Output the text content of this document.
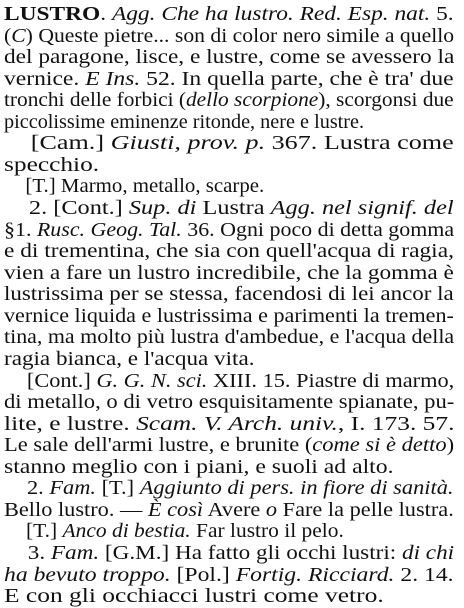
LUSTRO. Agg. Che ha lustro. Red. Esp. nat. 5.
(C) Queste pietre... son di color nero simile a quello
del paragone, lisce, e lustre, come se avessero la
vernice. E Ins. 52. In quella parte, che è tra' due
tronchi delle forbici (dello scorpione), scorgonsi due
piccolissime eminenze ritonde, nere e lustre.
[Cam.] Giusti, prov. p. 367. Lustra come
specchio.
[T.] Marmo, metallo, scarpe.
2. [Cont.] Sup. di Lustra Agg. nel signif. del
§1. Rusc. Geog. Tal. 36. Ogni poco di detta gomma
e di trementina, che sia con quell'acqua di ragia,
vien a fare un lustro incredibile, che la gomma è
lustrissima per se stessa, facendosi di lei ancor la
vernice liquida e lustrissima e parimenti la tremen-
tina, ma molto più lustra d'ambedue, e l'acqua della
ragia bianca, e l'acqua vita.
[Cont.] G. G. N. sci. XIII. 15. Piastre di marmo,
di metallo, o di vetro esquisitamente spianate, pu-
lite, e lustre. Scam. V. Arch. univ., I. 173. 57.
Le sale dell'armi lustre, e brunite (come si è detto)
stanno meglio con i piani, e suoli ad alto.
2. Fam. [T.] Aggiunto di pers. in fiore di sanità.
Bello lustro. — È così Avere o Fare la pelle lustra.
[T.] Anco di bestia. Far lustro il pelo.
3. Fam. [G.M.] Ha fatto gli occhi lustri: di chi
ha bevuto troppo. [Pol.] Fortig. Ricciard. 2. 14.
E con gli occhiacci lustri come vetro.
